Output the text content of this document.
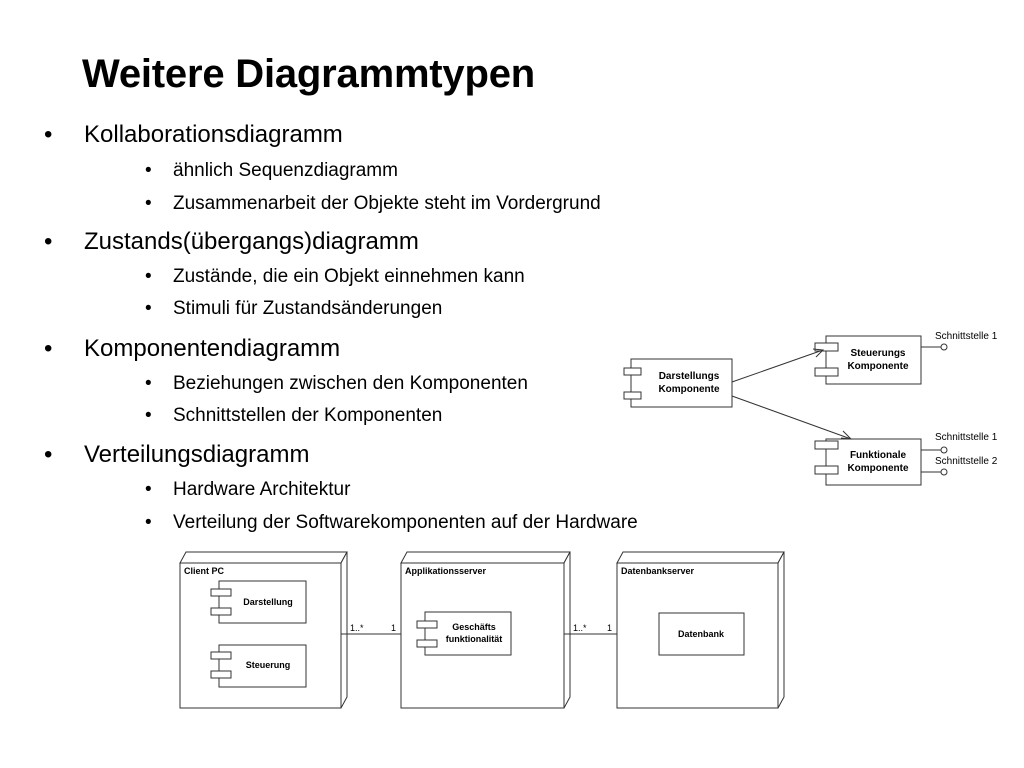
Weitere Diagrammtypen
• Kollaborationsdiagramm
• ähnlich Sequenzdiagramm
• Zusammenarbeit der Objekte steht im Vordergrund
• Zustands(übergangs)diagramm
• Zustände, die ein Objekt einnehmen kann
• Stimuli für Zustandsänderungen
• Komponentendiagramm
• Beziehungen zwischen den Komponenten
• Schnittstellen der Komponenten
• Verteilungsdiagramm
• Hardware Architektur
• Verteilung der Softwarekomponenten auf der Hardware
Darstellungs
Komponente
Steuerungs
Komponente
Funktionale
Komponente
Schnittstelle 1
Schnittstelle 1
Schnittstelle 2
Client PC	Applikationsserver	Datenbankserver
Darstellung
Steuerung
Geschäfts
funktionalität	Datenbank
1..*	1	1..* 1
